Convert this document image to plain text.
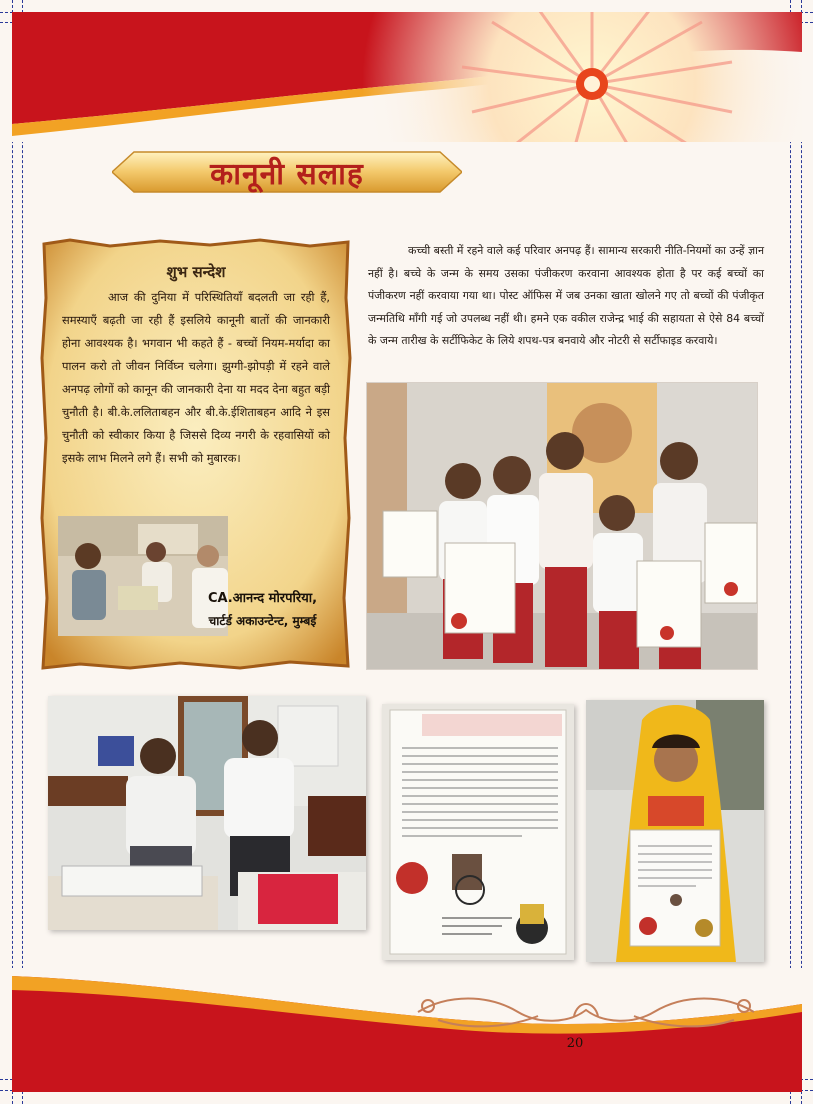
कानूनी सलाह
शुभ सन्देश
आज की दुनिया में परिस्थितियाँ बदलती जा रही हैं, समस्याएँ बढ़ती जा रही हैं इसलिये कानूनी बातों की जानकारी होना आवश्यक है। भगवान भी कहते हैं - बच्चों नियम-मर्यादा का पालन करो तो जीवन निर्विघ्न चलेगा। झुग्गी-झोपड़ी में रहने वाले अनपढ़ लोगों को कानून की जानकारी देना या मदद देना बहुत बड़ी चुनौती है। बी.के.ललिताबहन और बी.के.ईशिताबहन आदि ने इस चुनौती को स्वीकार किया है जिससे दिव्य नगरी के रहवासियों को इसके लाभ मिलने लगे हैं। सभी को मुबारक।
CA.आनन्द मोरपरिया,
चार्टर्ड अकाउन्टेन्ट, मुम्बई
कच्ची बस्ती में रहने वाले कई परिवार अनपढ़ हैं। सामान्य सरकारी नीति-नियमों का उन्हें ज्ञान नहीं है। बच्चे के जन्म के समय उसका पंजीकरण करवाना आवश्यक होता है पर कई बच्चों का पंजीकरण नहीं करवाया गया था। पोस्ट ऑफिस में जब उनका खाता खोलने गए तो बच्चों की पंजीकृत जन्मतिथि माँगी गई जो उपलब्ध नहीं थी। हमने एक वकील राजेन्द्र भाई की सहायता से ऐसे 84 बच्चों के जन्म तारीख के सर्टीफिकेट के लिये शपथ-पत्र बनवाये और नोटरी से सर्टीफाइड करवाये।
20
